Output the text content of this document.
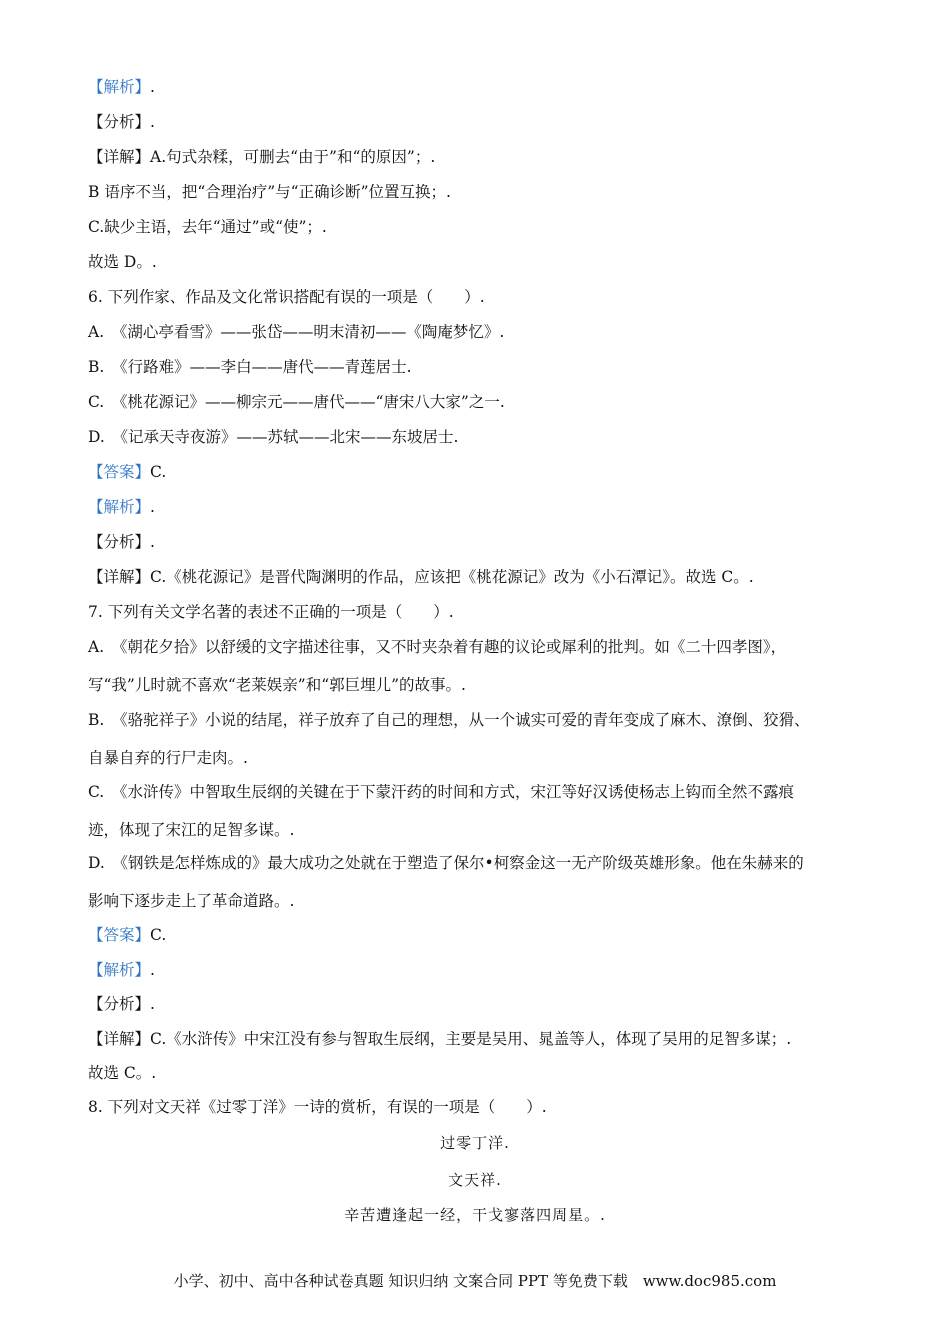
【解析】.
【分析】.
【详解】A.句式杂糅，可删去“由于”和“的原因”；.
B 语序不当，把“合理治疗”与“正确诊断”位置互换；.
C.缺少主语，去年“通过”或“使”；.
故选 D。.
6. 下列作家、作品及文化常识搭配有误的一项是（　　）.
A.　《湖心亭看雪》——张岱——明末清初——《陶庵梦忆》.
B.　《行路难》——李白——唐代——青莲居士.
C.　《桃花源记》——柳宗元——唐代——“唐宋八大家”之一.
D.　《记承天寺夜游》——苏轼——北宋——东坡居士.
【答案】C.
【解析】.
【分析】.
【详解】C.《桃花源记》是晋代陶渊明的作品，应该把《桃花源记》改为《小石潭记》。故选 C。.
7. 下列有关文学名著的表述不正确的一项是（　　）.
A.　《朝花夕拾》以舒缓的文字描述往事，又不时夹杂着有趣的议论或犀利的批判。如《二十四孝图》，
写“我”儿时就不喜欢“老莱娱亲”和“郭巨埋儿”的故事。.
B.　《骆驼祥子》小说的结尾，祥子放弃了自己的理想，从一个诚实可爱的青年变成了麻木、潦倒、狡猾、
自暴自弃的行尸走肉。.
C.　《水浒传》中智取生辰纲的关键在于下蒙汗药的时间和方式，宋江等好汉诱使杨志上钩而全然不露痕
迹，体现了宋江的足智多谋。.
D.　《钢铁是怎样炼成的》最大成功之处就在于塑造了保尔•柯察金这一无产阶级英雄形象。他在朱赫来的
影响下逐步走上了革命道路。.
【答案】C.
【解析】.
【分析】.
【详解】C.《水浒传》中宋江没有参与智取生辰纲，主要是吴用、晁盖等人，体现了吴用的足智多谋；.
故选 C。.
8. 下列对文天祥《过零丁洋》一诗的赏析，有误的一项是（　　）.
过零丁洋.
文天祥.
辛苦遭逢起一经，干戈寥落四周星。.
小学、初中、高中各种试卷真题 知识归纳 文案合同 PPT 等免费下载　www.doc985.com
